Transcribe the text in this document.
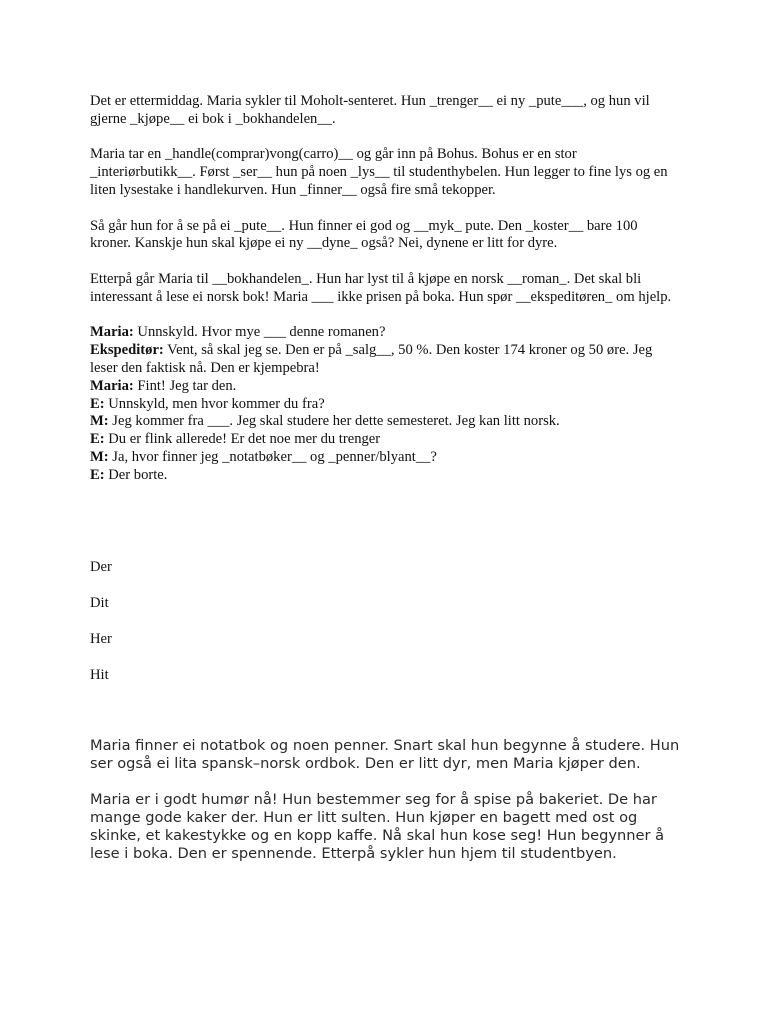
Det er ettermiddag. Maria sykler til Moholt-senteret. Hun _trenger__ ei ny _pute___, og hun vil gjerne _kjøpe__ ei bok i _bokhandelen__.

Maria tar en _handle(comprar)vong(carro)__ og går inn på Bohus. Bohus er en stor _interiørbutikk__. Først _ser__ hun på noen _lys__ til studenthybelen. Hun legger to fine lys og en liten lysestake i handlekurven. Hun _finner__ også fire små tekopper.

Så går hun for å se på ei _pute__. Hun finner ei god og __myk_ pute. Den _koster__ bare 100 kroner. Kanskje hun skal kjøpe ei ny __dyne_ også? Nei, dynene er litt for dyre.

Etterpå går Maria til __bokhandelen_. Hun har lyst til å kjøpe en norsk __roman_. Det skal bli interessant å lese ei norsk bok! Maria ___ ikke prisen på boka. Hun spør __ekspeditøren_ om hjelp.

Maria: Unnskyld. Hvor mye ___ denne romanen?
Ekspeditør: Vent, så skal jeg se. Den er på _salg__, 50 %. Den koster 174 kroner og 50 øre. Jeg leser den faktisk nå. Den er kjempebra!
Maria: Fint! Jeg tar den.
E: Unnskyld, men hvor kommer du fra?
M: Jeg kommer fra ___. Jeg skal studere her dette semesteret. Jeg kan litt norsk.
E: Du er flink allerede! Er det noe mer du trenger
M: Ja, hvor finner jeg _notatbøker__ og _penner/blyant__?
E: Der borte.
Der
Dit
Her
Hit

Maria finner ei notatbok og noen penner. Snart skal hun begynne å studere. Hun ser også ei lita spansk–norsk ordbok. Den er litt dyr, men Maria kjøper den.

Maria er i godt humør nå! Hun bestemmer seg for å spise på bakeriet. De har mange gode kaker der. Hun er litt sulten. Hun kjøper en bagett med ost og skinke, et kakestykke og en kopp kaffe. Nå skal hun kose seg! Hun begynner å lese i boka. Den er spennende. Etterpå sykler hun hjem til studentbyen.
